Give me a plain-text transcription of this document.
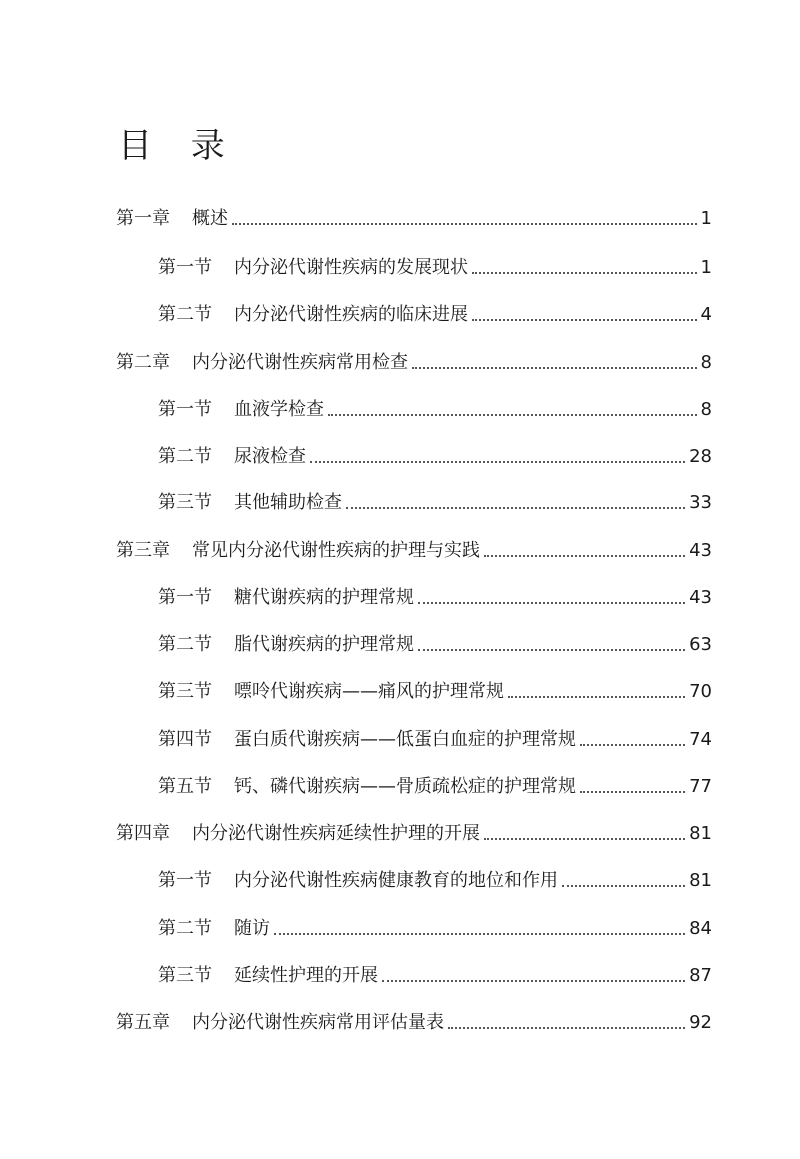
目 录
第一章 概述	1
第一节 内分泌代谢性疾病的发展现状	1
第二节 内分泌代谢性疾病的临床进展	4
第二章 内分泌代谢性疾病常用检查	8
第一节 血液学检查	8
第二节 尿液检查	28
第三节 其他辅助检查	33
第三章 常见内分泌代谢性疾病的护理与实践	43
第一节 糖代谢疾病的护理常规	43
第二节 脂代谢疾病的护理常规	63
第三节 嘌呤代谢疾病——痛风的护理常规	70
第四节 蛋白质代谢疾病——低蛋白血症的护理常规	74
第五节 钙、磷代谢疾病——骨质疏松症的护理常规	77
第四章 内分泌代谢性疾病延续性护理的开展	81
第一节 内分泌代谢性疾病健康教育的地位和作用	81
第二节 随访	84
第三节 延续性护理的开展	87
第五章 内分泌代谢性疾病常用评估量表	92
